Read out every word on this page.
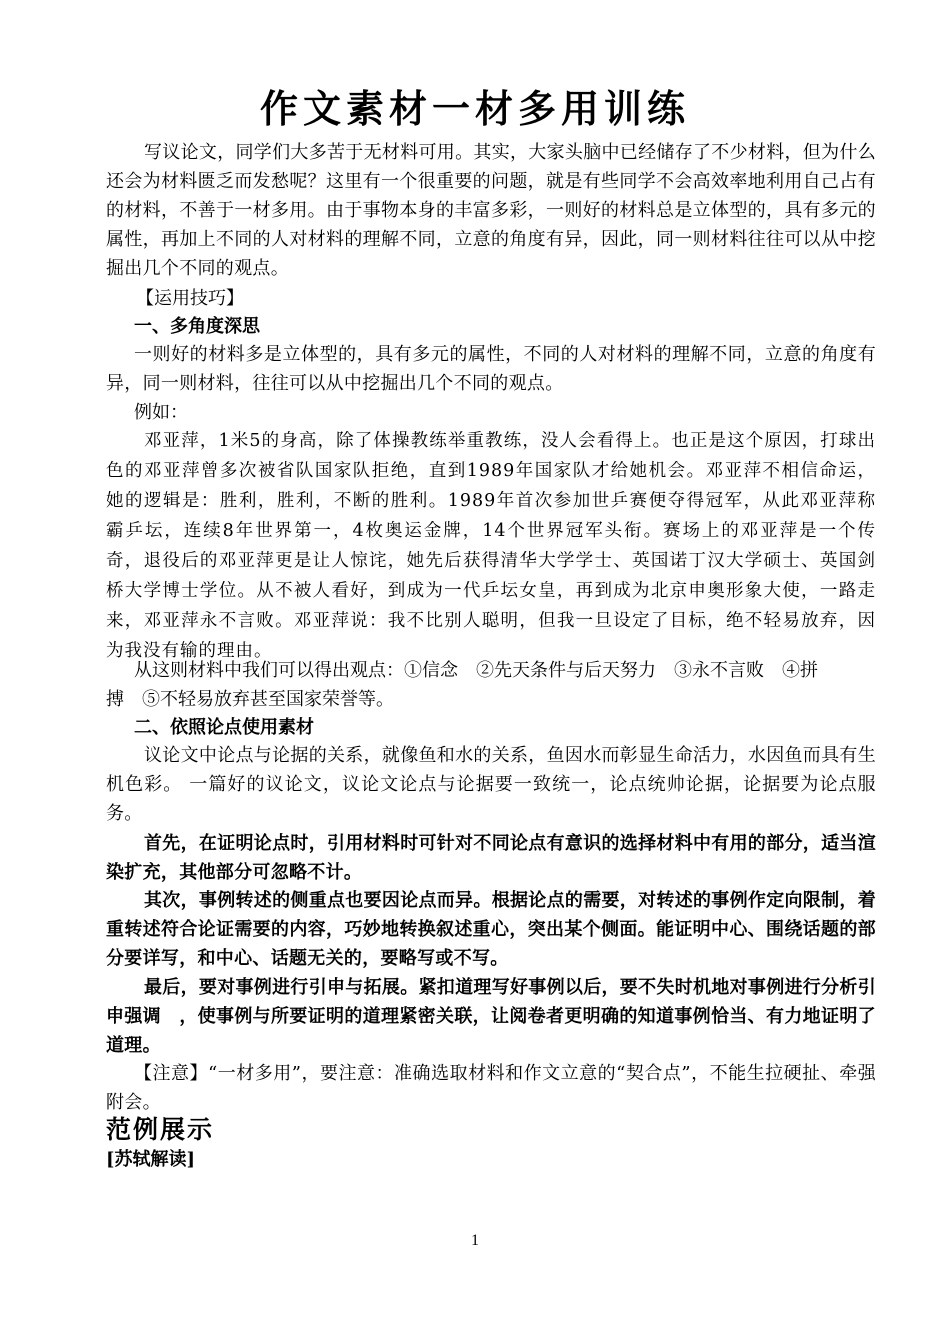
作文素材一材多用训练

写议论文，同学们大多苦于无材料可用。其实，大家头脑中已经储存了不少材料，但为什么还会为材料匮乏而发愁呢？这里有一个很重要的问题，就是有些同学不会高效率地利用自己占有的材料，不善于一材多用。由于事物本身的丰富多彩，一则好的材料总是立体型的，具有多元的属性，再加上不同的人对材料的理解不同，立意的角度有异，因此，同一则材料往往可以从中挖掘出几个不同的观点。

【运用技巧】

一、多角度深思

一则好的材料多是立体型的，具有多元的属性，不同的人对材料的理解不同，立意的角度有异，同一则材料，往往可以从中挖掘出几个不同的观点。

例如：

邓亚萍，1米5的身高，除了体操教练举重教练，没人会看得上。也正是这个原因，打球出色的邓亚萍曾多次被省队国家队拒绝，直到1989年国家队才给她机会。邓亚萍不相信命运，她的逻辑是：胜利，胜利，不断的胜利。1989年首次参加世乒赛便夺得冠军，从此邓亚萍称霸乒坛，连续8年世界第一，4枚奥运金牌，14个世界冠军头衔。赛场上的邓亚萍是一个传奇，退役后的邓亚萍更是让人惊诧，她先后获得清华大学学士、英国诺丁汉大学硕士、英国剑桥大学博士学位。从不被人看好，到成为一代乒坛女皇，再到成为北京申奥形象大使，一路走来，邓亚萍永不言败。邓亚萍说：我不比别人聪明，但我一旦设定了目标，绝不轻易放弃，因为我没有输的理由。

从这则材料中我们可以得出观点：①信念　②先天条件与后天努力　③永不言败　④拼

搏　⑤不轻易放弃甚至国家荣誉等。

二、依照论点使用素材

议论文中论点与论据的关系，就像鱼和水的关系，鱼因水而彰显生命活力，水因鱼而具有生机色彩。 一篇好的议论文，议论文论点与论据要一致统一，论点统帅论据，论据要为论点服务。

首先，在证明论点时，引用材料时可针对不同论点有意识的选择材料中有用的部分，适当渲染扩充，其他部分可忽略不计。

其次，事例转述的侧重点也要因论点而异。根据论点的需要，对转述的事例作定向限制，着重转述符合论证需要的内容，巧妙地转换叙述重心，突出某个侧面。能证明中心、围绕话题的部分要详写，和中心、话题无关的，要略写或不写。

最后，要对事例进行引申与拓展。紧扣道理写好事例以后，要不失时机地对事例进行分析引申强调　，使事例与所要证明的道理紧密关联，让阅卷者更明确的知道事例恰当、有力地证明了道理。

【注意】“一材多用”，要注意：准确选取材料和作文立意的“契合点”，不能生拉硬扯、牵强附会。

范例展示

[苏轼解读]

1
